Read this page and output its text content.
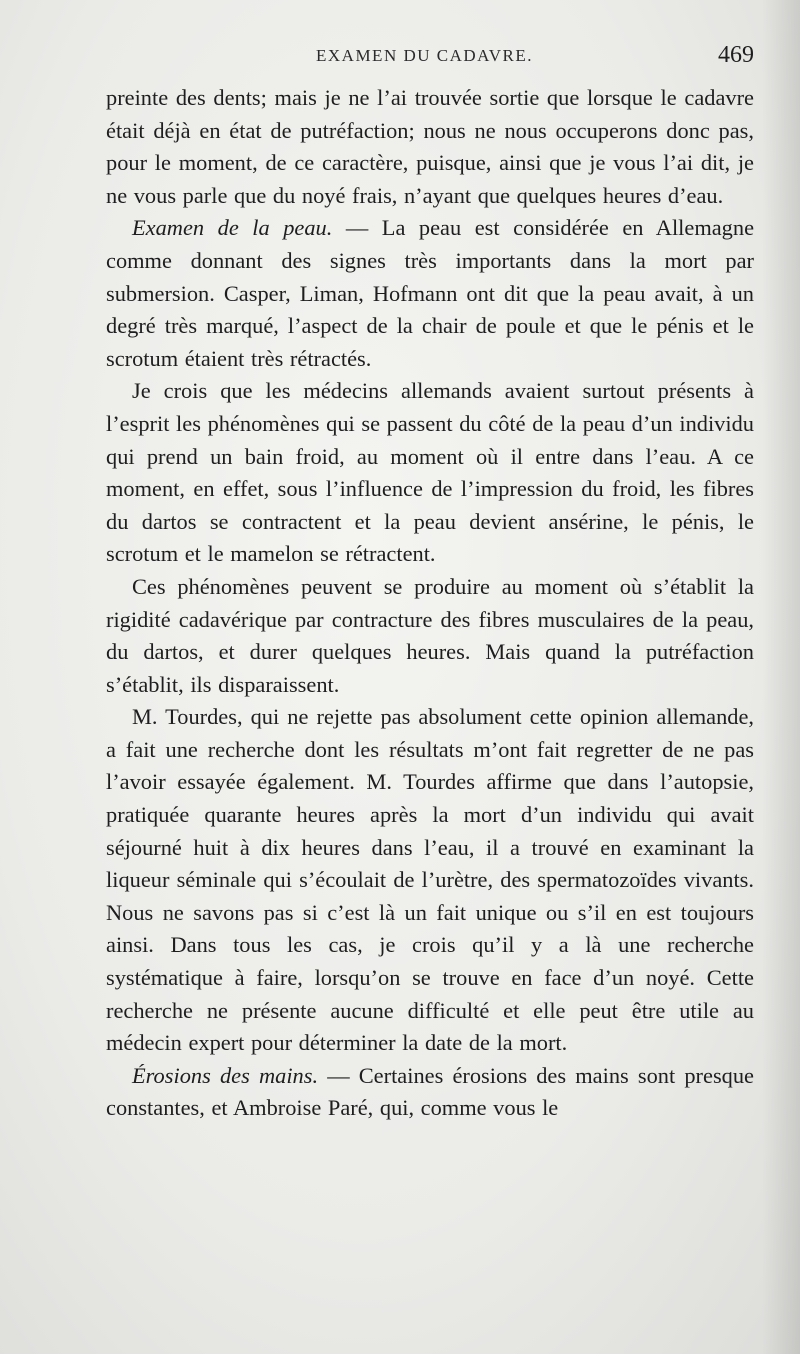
EXAMEN DU CADAVRE.	469

preinte des dents; mais je ne l’ai trouvée sortie que lorsque le cadavre était déjà en état de putréfaction; nous ne nous occuperons donc pas, pour le moment, de ce caractère, puisque, ainsi que je vous l’ai dit, je ne vous parle que du noyé frais, n’ayant que quelques heures d’eau.

Examen de la peau. — La peau est considérée en Allemagne comme donnant des signes très importants dans la mort par submersion. Casper, Liman, Hofmann ont dit que la peau avait, à un degré très marqué, l’aspect de la chair de poule et que le pénis et le scrotum étaient très rétractés.

Je crois que les médecins allemands avaient surtout présents à l’esprit les phénomènes qui se passent du côté de la peau d’un individu qui prend un bain froid, au moment où il entre dans l’eau. A ce moment, en effet, sous l’influence de l’impression du froid, les fibres du dartos se contractent et la peau devient ansérine, le pénis, le scrotum et le mamelon se rétractent.

Ces phénomènes peuvent se produire au moment où s’établit la rigidité cadavérique par contracture des fibres musculaires de la peau, du dartos, et durer quelques heures. Mais quand la putréfaction s’établit, ils disparaissent.

M. Tourdes, qui ne rejette pas absolument cette opinion allemande, a fait une recherche dont les résultats m’ont fait regretter de ne pas l’avoir essayée également. M. Tourdes affirme que dans l’autopsie, pratiquée quarante heures après la mort d’un individu qui avait séjourné huit à dix heures dans l’eau, il a trouvé en examinant la liqueur séminale qui s’écoulait de l’urètre, des spermatozoïdes vivants. Nous ne savons pas si c’est là un fait unique ou s’il en est toujours ainsi. Dans tous les cas, je crois qu’il y a là une recherche systématique à faire, lorsqu’on se trouve en face d’un noyé. Cette recherche ne présente aucune difficulté et elle peut être utile au médecin expert pour déterminer la date de la mort.

Érosions des mains. — Certaines érosions des mains sont presque constantes, et Ambroise Paré, qui, comme vous le
